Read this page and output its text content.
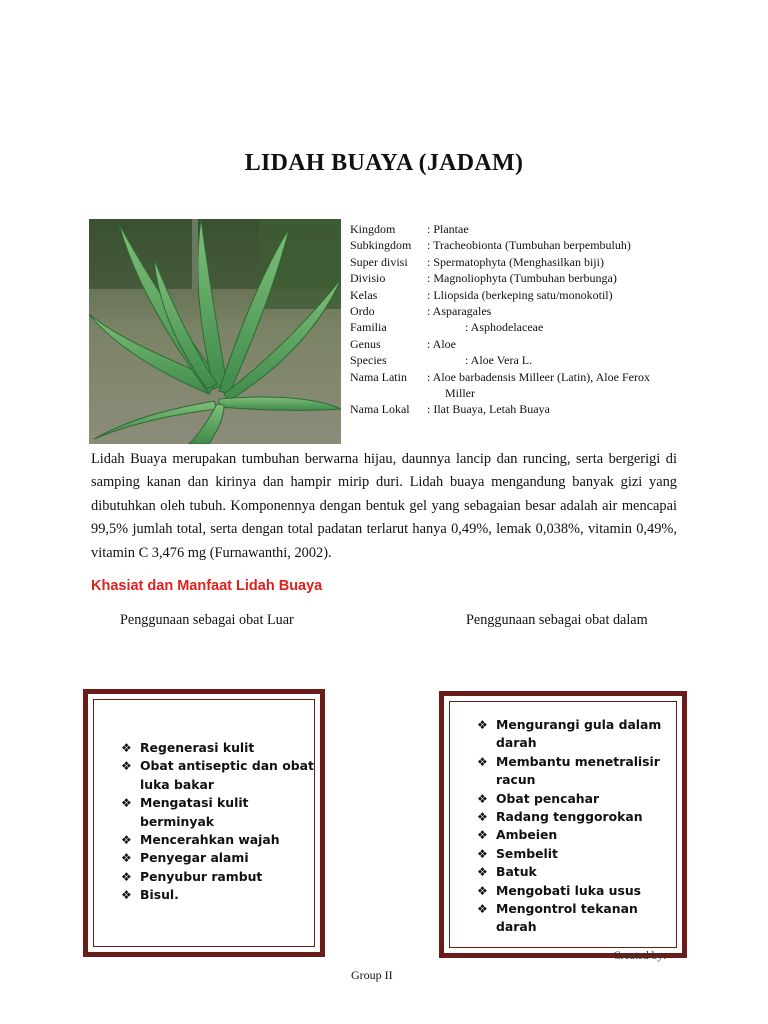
LIDAH BUAYA (JADAM)
Kingdom	: Plantae
Subkingdom	: Tracheobionta (Tumbuhan berpembuluh)
Super divisi	: Spermatophyta (Menghasilkan biji)
Divisio	: Magnoliophyta (Tumbuhan berbunga)
Kelas	: Lliopsida (berkeping satu/monokotil)
Ordo	: Asparagales
Familia	: Asphodelaceae
Genus	: Aloe
Species	: Aloe Vera L.
Nama Latin	: Aloe barbadensis Milleer (Latin), Aloe Ferox
Miller
Nama Lokal	: Ilat Buaya, Letah Buaya
Lidah Buaya merupakan tumbuhan berwarna hijau, daunnya lancip dan runcing, serta bergerigi di samping kanan dan kirinya dan hampir mirip duri. Lidah buaya mengandung banyak gizi yang dibutuhkan oleh tubuh. Komponennya dengan bentuk gel yang sebagaian besar adalah air mencapai 99,5% jumlah total, serta dengan total padatan terlarut hanya 0,49%, lemak 0,038%, vitamin 0,49%, vitamin C 3,476 mg (Furnawanthi, 2002).
Khasiat dan Manfaat Lidah Buaya
Penggunaan sebagai obat Luar	Penggunaan sebagai obat dalam
❖ Regenerasi kulit
❖ Obat antiseptic dan obat luka bakar
❖ Mengatasi kulit berminyak
❖ Mencerahkan wajah
❖ Penyegar alami
❖ Penyubur rambut
❖ Bisul.
❖ Mengurangi gula dalam darah
❖ Membantu menetralisir racun
❖ Obat pencahar
❖ Radang tenggorokan
❖ Ambeien
❖ Sembelit
❖ Batuk
❖ Mengobati luka usus
❖ Mengontrol tekanan darah
Created by:
Group II
